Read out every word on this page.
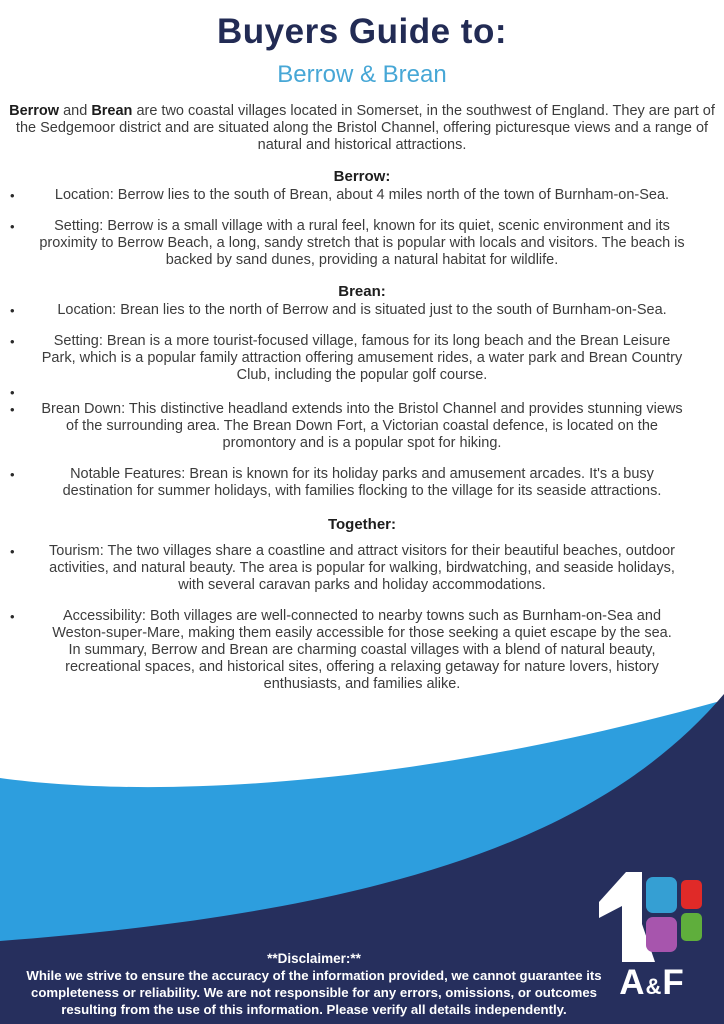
Buyers Guide to:
Berrow & Brean

Berrow and Brean are two coastal villages located in Somerset, in the southwest of England. They are part of the Sedgemoor district and are situated along the Bristol Channel, offering picturesque views and a range of natural and historical attractions.

Berrow:
•	Location: Berrow lies to the south of Brean, about 4 miles north of the town of Burnham-on-Sea.
•	Setting: Berrow is a small village with a rural feel, known for its quiet, scenic environment and its proximity to Berrow Beach, a long, sandy stretch that is popular with locals and visitors. The beach is backed by sand dunes, providing a natural habitat for wildlife.
Brean:
•	Location: Brean lies to the north of Berrow and is situated just to the south of Burnham-on-Sea.
•	Setting: Brean is a more tourist-focused village, famous for its long beach and the Brean Leisure Park, which is a popular family attraction offering amusement rides, a water park and Brean Country Club, including the popular golf course.
•
•	Brean Down: This distinctive headland extends into the Bristol Channel and provides stunning views of the surrounding area. The Brean Down Fort, a Victorian coastal defence, is located on the promontory and is a popular spot for hiking.
•	Notable Features: Brean is known for its holiday parks and amusement arcades. It's a busy destination for summer holidays, with families flocking to the village for its seaside attractions.
Together:
•	Tourism: The two villages share a coastline and attract visitors for their beautiful beaches, outdoor activities, and natural beauty. The area is popular for walking, birdwatching, and seaside holidays, with several caravan parks and holiday accommodations.
•	Accessibility: Both villages are well-connected to nearby towns such as Burnham-on-Sea and Weston-super-Mare, making them easily accessible for those seeking a quiet escape by the sea.

In summary, Berrow and Brean are charming coastal villages with a blend of natural beauty, recreational spaces, and historical sites, offering a relaxing getaway for nature lovers, history enthusiasts, and families alike.

**Disclaimer:**
While we strive to ensure the accuracy of the information provided, we cannot guarantee its completeness or reliability. We are not responsible for any errors, omissions, or outcomes resulting from the use of this information. Please verify all details independently.
A&F
